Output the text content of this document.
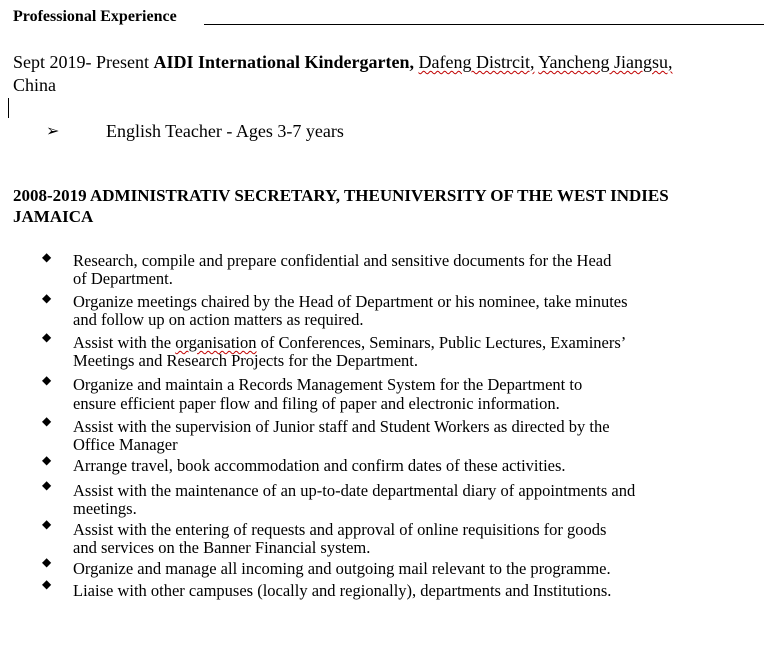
Professional Experience
Sept 2019- Present AIDI International Kindergarten, Dafeng Distrcit, Yancheng Jiangsu,
China
➢	English Teacher - Ages 3-7 years
2008-2019 ADMINISTRATIV SECRETARY, THEUNIVERSITY OF THE WEST INDIES
JAMAICA
◆ Research, compile and prepare confidential and sensitive documents for the Head
of Department.
◆ Organize meetings chaired by the Head of Department or his nominee, take minutes
and follow up on action matters as required.
◆ Assist with the organisation of Conferences, Seminars, Public Lectures, Examiners’
Meetings and Research Projects for the Department.
◆ Organize and maintain a Records Management System for the Department to
ensure efficient paper flow and filing of paper and electronic information.
◆ Assist with the supervision of Junior staff and Student Workers as directed by the
Office Manager
◆ Arrange travel, book accommodation and confirm dates of these activities.
◆ Assist with the maintenance of an up-to-date departmental diary of appointments and
meetings.
◆ Assist with the entering of requests and approval of online requisitions for goods
and services on the Banner Financial system.
◆ Organize and manage all incoming and outgoing mail relevant to the programme.
◆ Liaise with other campuses (locally and regionally), departments and Institutions.
